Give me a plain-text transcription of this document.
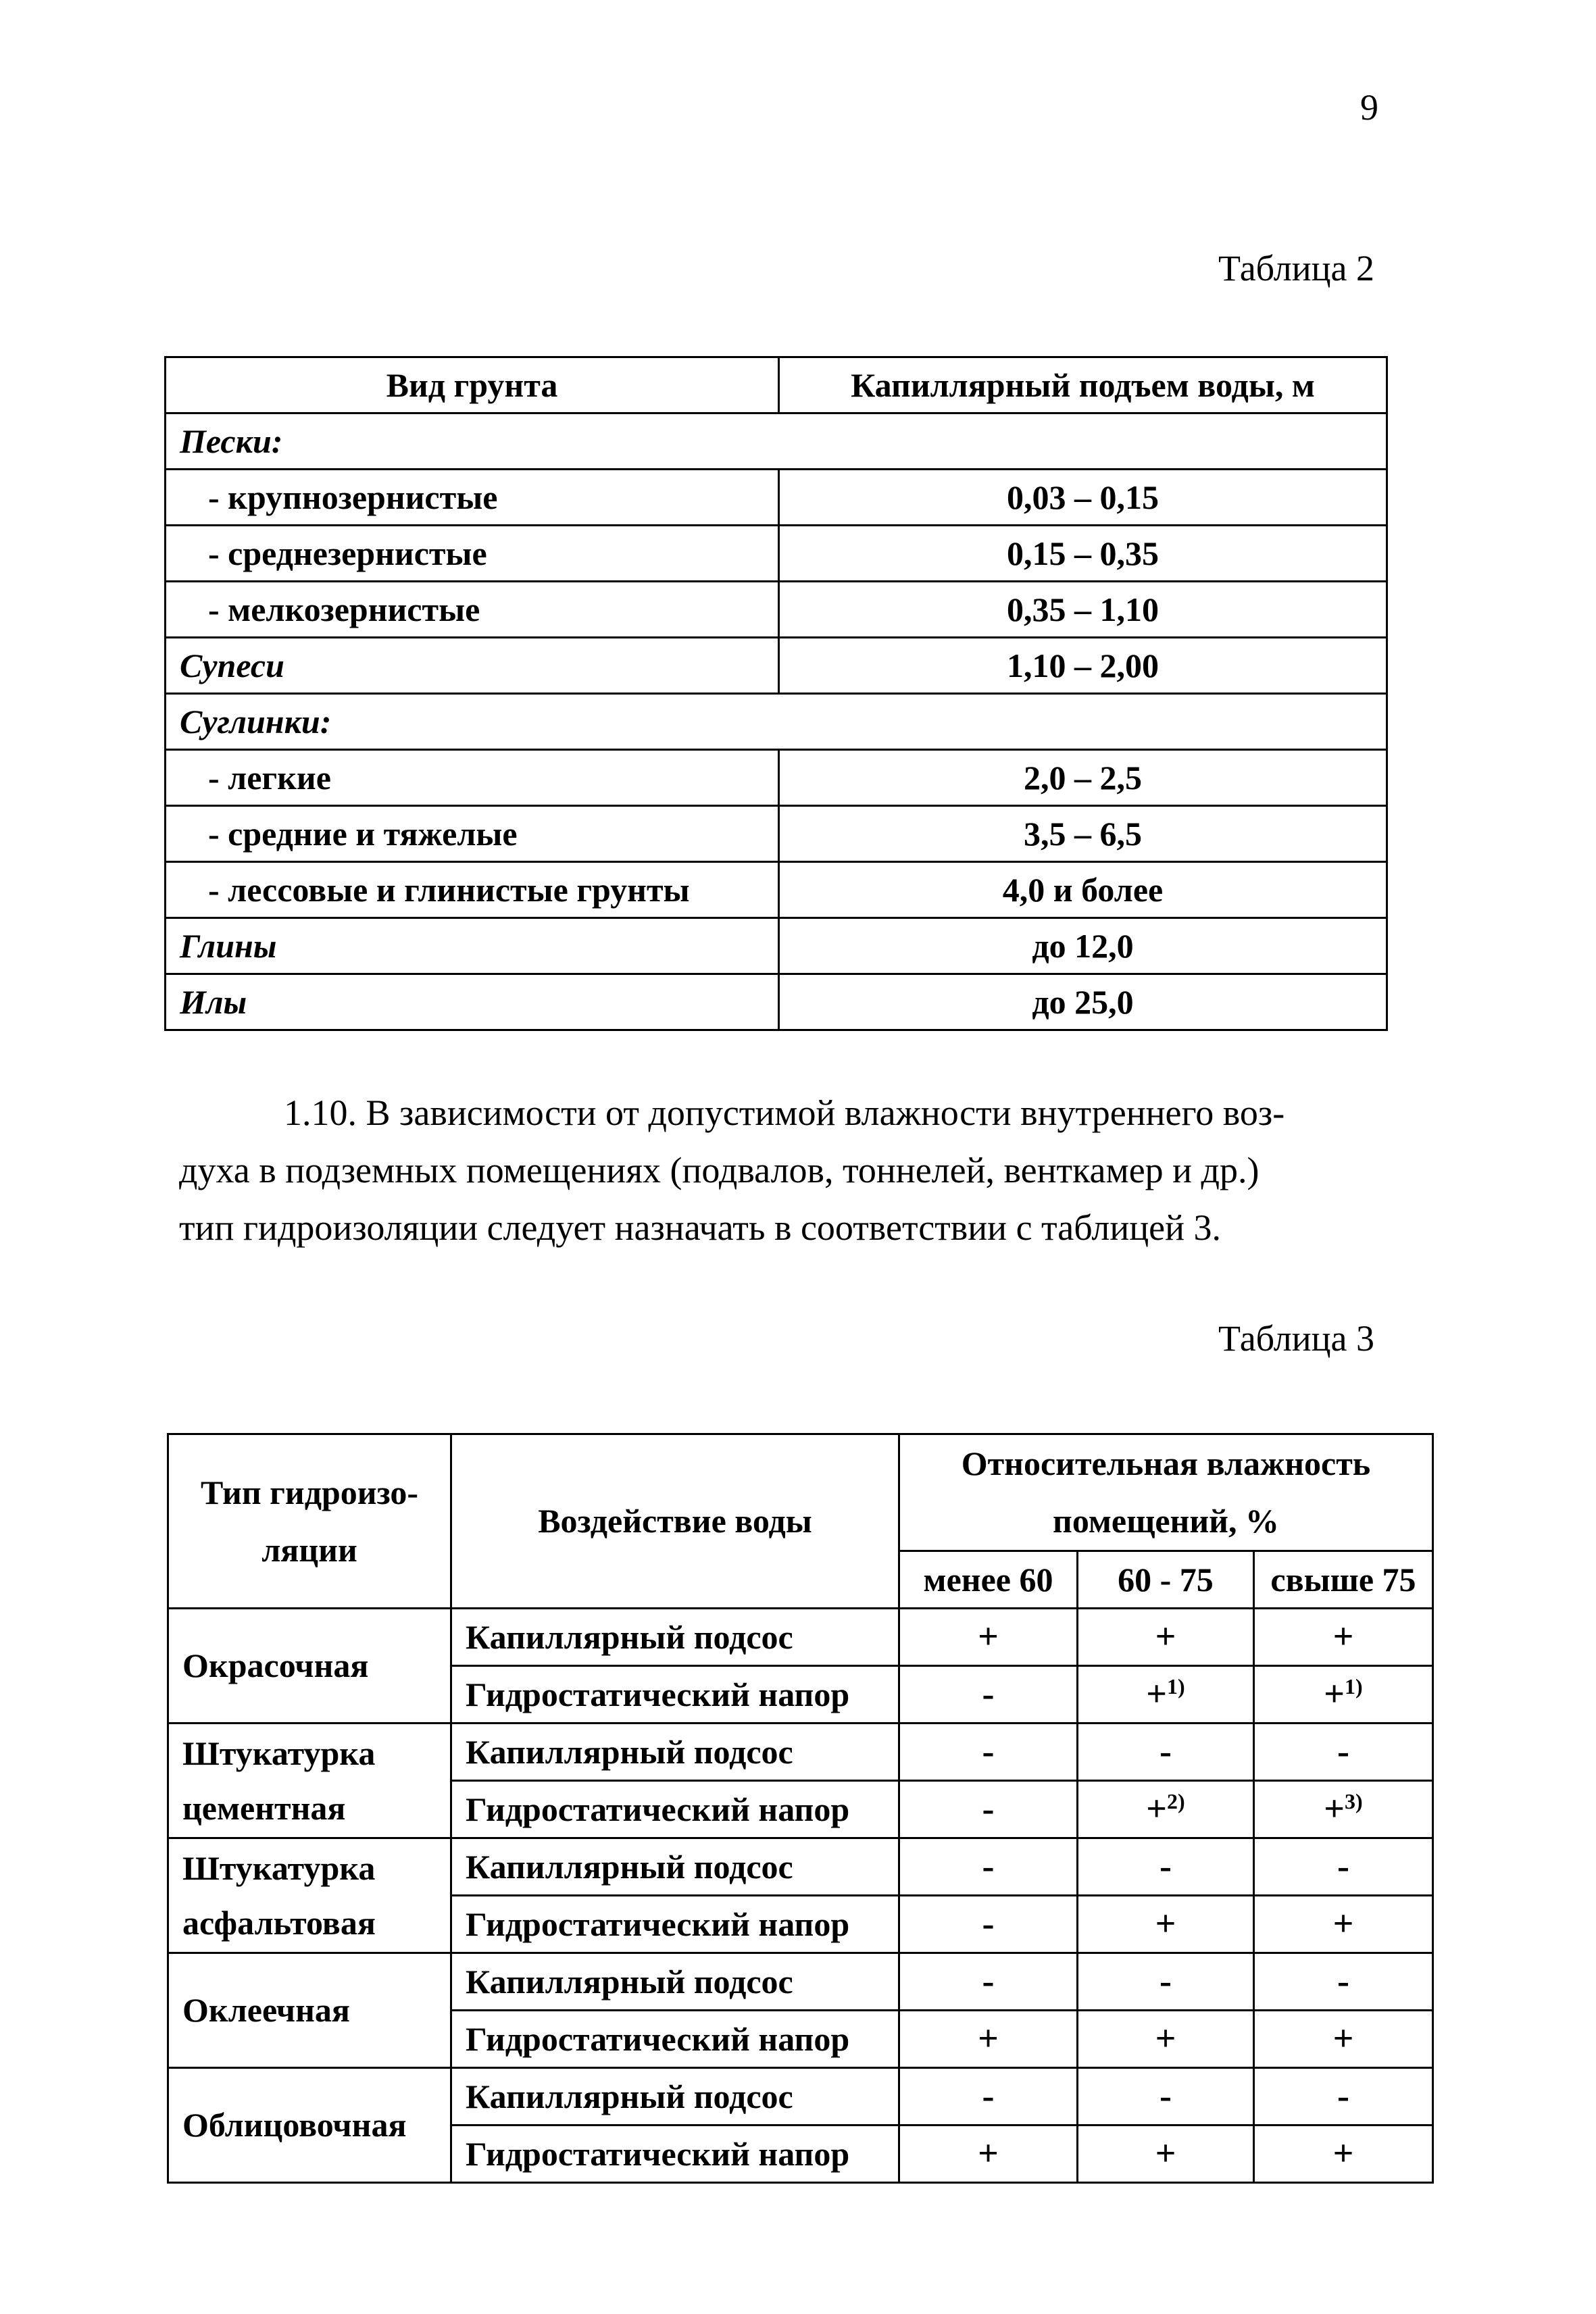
9
Таблица 2
Вид грунта	Капиллярный подъем воды, м
Пески:	
- крупнозернистые	0,03 – 0,15
- среднезернистые	0,15 – 0,35
- мелкозернистые	0,35 – 1,10
Супеси	1,10 – 2,00
Суглинки:	
- легкие	2,0 – 2,5
- средние и тяжелые	3,5 – 6,5
- лессовые и глинистые грунты	4,0 и более
Глины	до 12,0
Илы	до 25,0
1.10. В зависимости от допустимой влажности внутреннего воз-
духа в подземных помещениях (подвалов, тоннелей, венткамер и др.)
тип гидроизоляции следует назначать в соответствии с таблицей 3.
Таблица 3
Тип гидроизо-ляции	Воздействие воды	Относительная влажность помещений, %		
		менее 60	60 - 75	свыше 75
Окрасочная	Капиллярный подсос	+	+	+
	Гидростатический напор	-	+$^{1)}$	+$^{1)}$
Штукатурка цементная	Капиллярный подсос	-	-	-
	Гидростатический напор	-	+$^{2)}$	+$^{3)}$
Штукатурка асфальтовая	Капиллярный подсос	-	-	-
	Гидростатический напор	-	+	+
Оклеечная	Капиллярный подсос	-	-	-
	Гидростатический напор	+	+	+
Облицовочная	Капиллярный подсос	-	-	-
	Гидростатический напор	+	+	+
